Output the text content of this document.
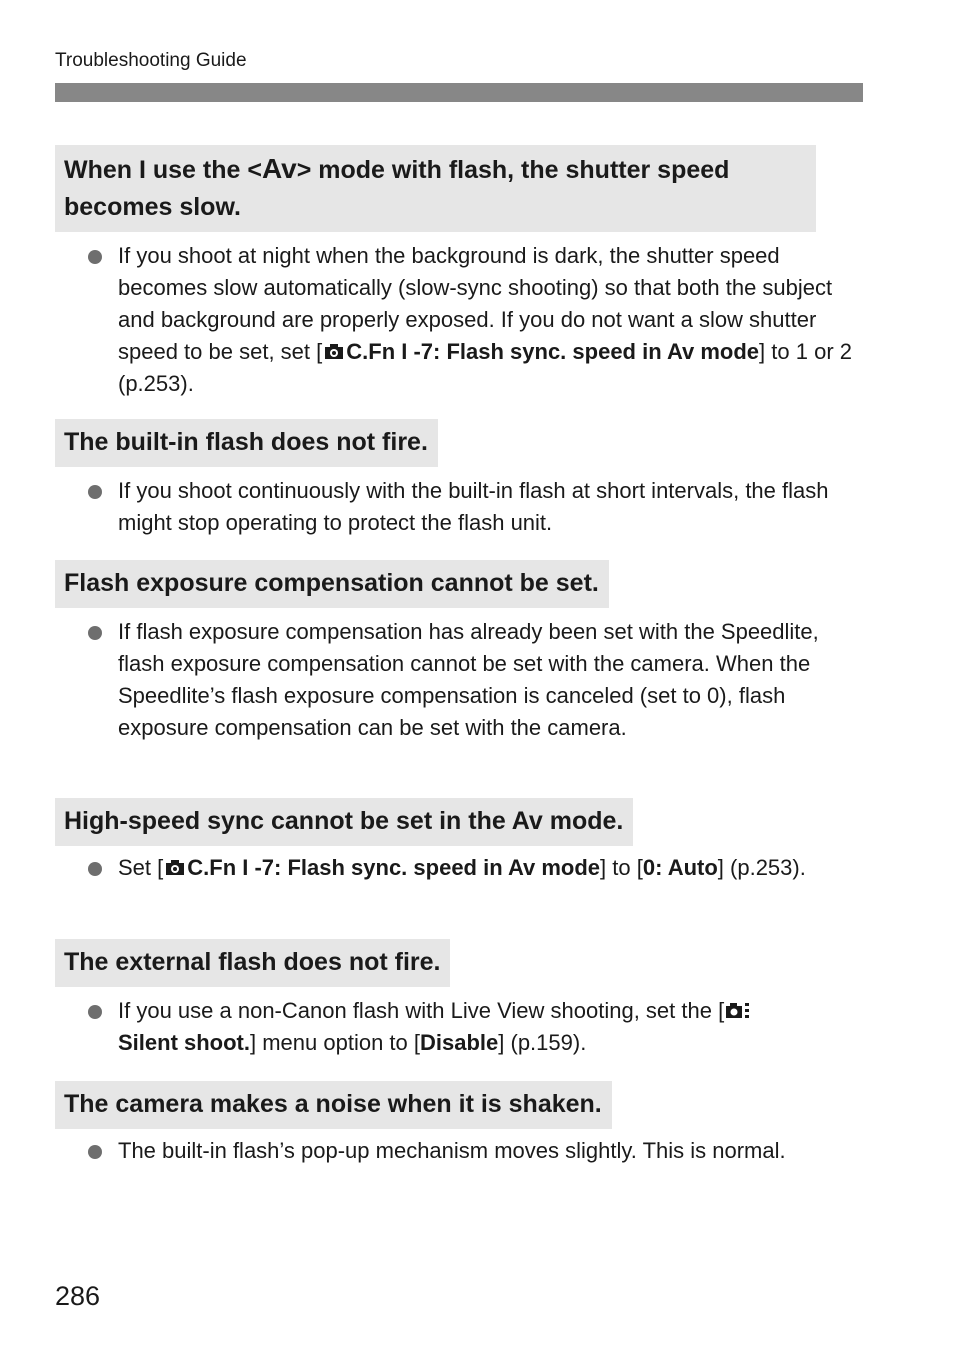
Troubleshooting Guide
When I use the <Av> mode with flash, the shutter speed becomes slow.
If you shoot at night when the background is dark, the shutter speed becomes slow automatically (slow-sync shooting) so that both the subject and background are properly exposed. If you do not want a slow shutter speed to be set, set [ C.Fn I -7: Flash sync. speed in Av mode] to 1 or 2 (p.253).
The built-in flash does not fire.
If you shoot continuously with the built-in flash at short intervals, the flash might stop operating to protect the flash unit.
Flash exposure compensation cannot be set.
If flash exposure compensation has already been set with the Speedlite, flash exposure compensation cannot be set with the camera. When the Speedlite’s flash exposure compensation is canceled (set to 0), flash exposure compensation can be set with the camera.
High-speed sync cannot be set in the Av mode.
Set [ C.Fn I -7: Flash sync. speed in Av mode] to [0: Auto] (p.253).
The external flash does not fire.
If you use a non-Canon flash with Live View shooting, set the [
Silent shoot.] menu option to [Disable] (p.159).
The camera makes a noise when it is shaken.
The built-in flash’s pop-up mechanism moves slightly. This is normal.
286
